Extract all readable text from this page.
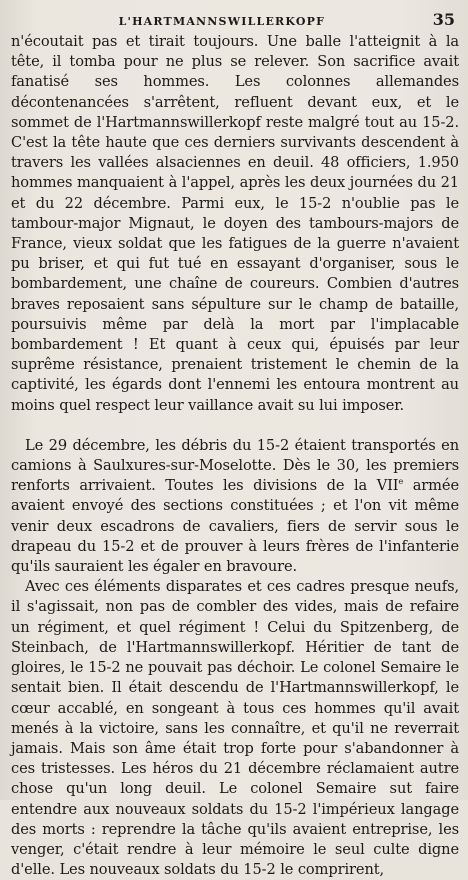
L'HARTMANNSWILLERKOPF	35

n'écoutait pas et tirait toujours. Une balle l'atteignit à la tête, il tomba pour ne plus se relever. Son sacrifice avait fanatisé ses hommes. Les colonnes allemandes décontenancées s'arrêtent, refluent devant eux, et le sommet de l'Hartmannswillerkopf reste malgré tout au 15-2. C'est la tête haute que ces derniers survivants descendent à travers les vallées alsaciennes en deuil. 48 officiers, 1.950 hommes manquaient à l'appel, après les deux journées du 21 et du 22 décembre. Parmi eux, le 15-2 n'oublie pas le tambour-major Mignaut, le doyen des tambours-majors de France, vieux soldat que les fatigues de la guerre n'avaient pu briser, et qui fut tué en essayant d'organiser, sous le bombardement, une chaîne de coureurs. Combien d'autres braves reposaient sans sépulture sur le champ de bataille, poursuivis même par delà la mort par l'implacable bombardement ! Et quant à ceux qui, épuisés par leur suprême résistance, prenaient tristement le chemin de la captivité, les égards dont l'ennemi les entoura montrent au moins quel respect leur vaillance avait su lui imposer.

Le 29 décembre, les débris du 15-2 étaient transportés en camions à Saulxures-sur-Moselotte. Dès le 30, les premiers renforts arrivaient. Toutes les divisions de la VIIe armée avaient envoyé des sections constituées ; et l'on vit même venir deux escadrons de cavaliers, fiers de servir sous le drapeau du 15-2 et de prouver à leurs frères de l'infanterie qu'ils sauraient les égaler en bravoure.

Avec ces éléments disparates et ces cadres presque neufs, il s'agissait, non pas de combler des vides, mais de refaire un régiment, et quel régiment ! Celui du Spitzenberg, de Steinbach, de l'Hartmannswillerkopf. Héritier de tant de gloires, le 15-2 ne pouvait pas déchoir. Le colonel Semaire le sentait bien. Il était descendu de l'Hartmannswillerkopf, le cœur accablé, en songeant à tous ces hommes qu'il avait menés à la victoire, sans les connaître, et qu'il ne reverrait jamais. Mais son âme était trop forte pour s'abandonner à ces tristesses. Les héros du 21 décembre réclamaient autre chose qu'un long deuil. Le colonel Semaire sut faire entendre aux nouveaux soldats du 15-2 l'impérieux langage des morts : reprendre la tâche qu'ils avaient entreprise, les venger, c'était rendre à leur mémoire le seul culte digne d'elle. Les nouveaux soldats du 15-2 le comprirent,
